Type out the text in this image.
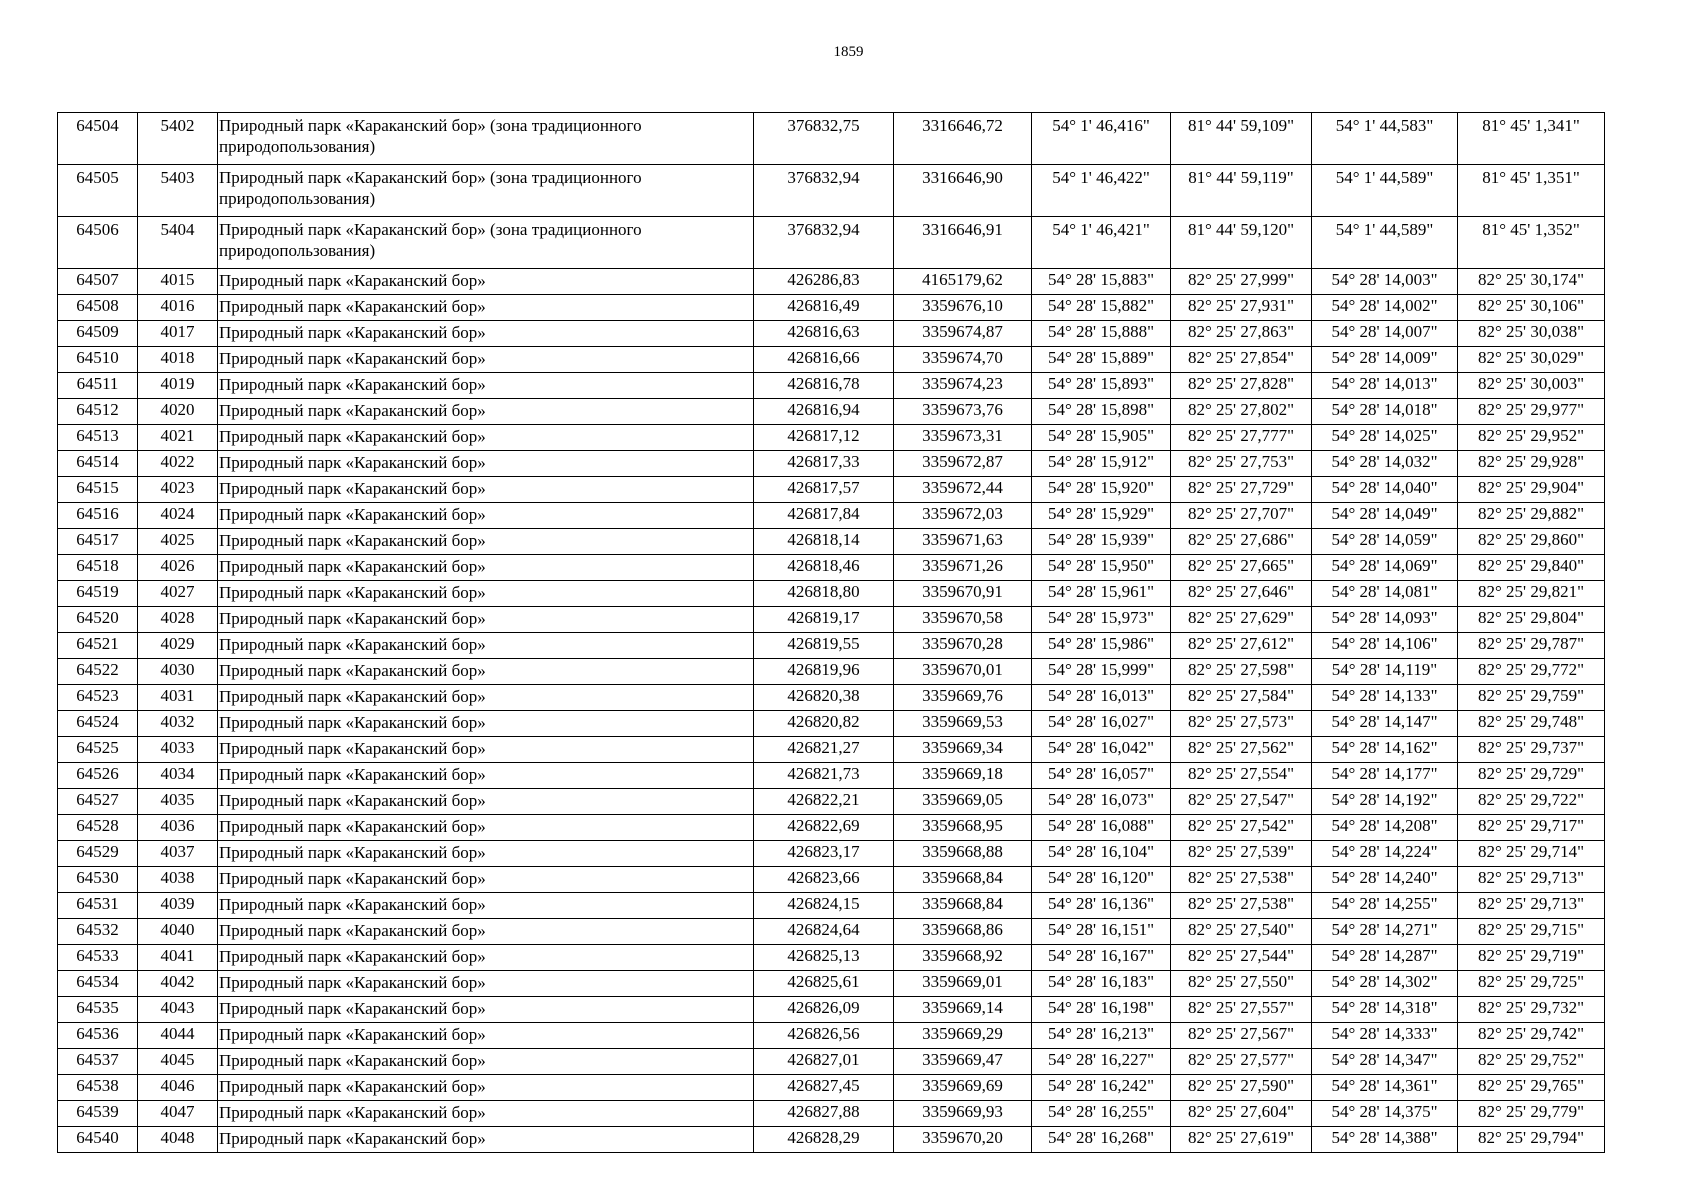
1859
64504	5402	Природный парк «Караканский бор» (зона традиционного природопользования)	376832,75	3316646,72	54° 1' 46,416"	81° 44' 59,109"	54° 1' 44,583"	81° 45' 1,341"
64505	5403	Природный парк «Караканский бор» (зона традиционного природопользования)	376832,94	3316646,90	54° 1' 46,422"	81° 44' 59,119"	54° 1' 44,589"	81° 45' 1,351"
64506	5404	Природный парк «Караканский бор» (зона традиционного природопользования)	376832,94	3316646,91	54° 1' 46,421"	81° 44' 59,120"	54° 1' 44,589"	81° 45' 1,352"
64507	4015	Природный парк «Караканский бор»	426286,83	4165179,62	54° 28' 15,883"	82° 25' 27,999"	54° 28' 14,003"	82° 25' 30,174"
64508	4016	Природный парк «Караканский бор»	426816,49	3359676,10	54° 28' 15,882"	82° 25' 27,931"	54° 28' 14,002"	82° 25' 30,106"
64509	4017	Природный парк «Караканский бор»	426816,63	3359674,87	54° 28' 15,888"	82° 25' 27,863"	54° 28' 14,007"	82° 25' 30,038"
64510	4018	Природный парк «Караканский бор»	426816,66	3359674,70	54° 28' 15,889"	82° 25' 27,854"	54° 28' 14,009"	82° 25' 30,029"
64511	4019	Природный парк «Караканский бор»	426816,78	3359674,23	54° 28' 15,893"	82° 25' 27,828"	54° 28' 14,013"	82° 25' 30,003"
64512	4020	Природный парк «Караканский бор»	426816,94	3359673,76	54° 28' 15,898"	82° 25' 27,802"	54° 28' 14,018"	82° 25' 29,977"
64513	4021	Природный парк «Караканский бор»	426817,12	3359673,31	54° 28' 15,905"	82° 25' 27,777"	54° 28' 14,025"	82° 25' 29,952"
64514	4022	Природный парк «Караканский бор»	426817,33	3359672,87	54° 28' 15,912"	82° 25' 27,753"	54° 28' 14,032"	82° 25' 29,928"
64515	4023	Природный парк «Караканский бор»	426817,57	3359672,44	54° 28' 15,920"	82° 25' 27,729"	54° 28' 14,040"	82° 25' 29,904"
64516	4024	Природный парк «Караканский бор»	426817,84	3359672,03	54° 28' 15,929"	82° 25' 27,707"	54° 28' 14,049"	82° 25' 29,882"
64517	4025	Природный парк «Караканский бор»	426818,14	3359671,63	54° 28' 15,939"	82° 25' 27,686"	54° 28' 14,059"	82° 25' 29,860"
64518	4026	Природный парк «Караканский бор»	426818,46	3359671,26	54° 28' 15,950"	82° 25' 27,665"	54° 28' 14,069"	82° 25' 29,840"
64519	4027	Природный парк «Караканский бор»	426818,80	3359670,91	54° 28' 15,961"	82° 25' 27,646"	54° 28' 14,081"	82° 25' 29,821"
64520	4028	Природный парк «Караканский бор»	426819,17	3359670,58	54° 28' 15,973"	82° 25' 27,629"	54° 28' 14,093"	82° 25' 29,804"
64521	4029	Природный парк «Караканский бор»	426819,55	3359670,28	54° 28' 15,986"	82° 25' 27,612"	54° 28' 14,106"	82° 25' 29,787"
64522	4030	Природный парк «Караканский бор»	426819,96	3359670,01	54° 28' 15,999"	82° 25' 27,598"	54° 28' 14,119"	82° 25' 29,772"
64523	4031	Природный парк «Караканский бор»	426820,38	3359669,76	54° 28' 16,013"	82° 25' 27,584"	54° 28' 14,133"	82° 25' 29,759"
64524	4032	Природный парк «Караканский бор»	426820,82	3359669,53	54° 28' 16,027"	82° 25' 27,573"	54° 28' 14,147"	82° 25' 29,748"
64525	4033	Природный парк «Караканский бор»	426821,27	3359669,34	54° 28' 16,042"	82° 25' 27,562"	54° 28' 14,162"	82° 25' 29,737"
64526	4034	Природный парк «Караканский бор»	426821,73	3359669,18	54° 28' 16,057"	82° 25' 27,554"	54° 28' 14,177"	82° 25' 29,729"
64527	4035	Природный парк «Караканский бор»	426822,21	3359669,05	54° 28' 16,073"	82° 25' 27,547"	54° 28' 14,192"	82° 25' 29,722"
64528	4036	Природный парк «Караканский бор»	426822,69	3359668,95	54° 28' 16,088"	82° 25' 27,542"	54° 28' 14,208"	82° 25' 29,717"
64529	4037	Природный парк «Караканский бор»	426823,17	3359668,88	54° 28' 16,104"	82° 25' 27,539"	54° 28' 14,224"	82° 25' 29,714"
64530	4038	Природный парк «Караканский бор»	426823,66	3359668,84	54° 28' 16,120"	82° 25' 27,538"	54° 28' 14,240"	82° 25' 29,713"
64531	4039	Природный парк «Караканский бор»	426824,15	3359668,84	54° 28' 16,136"	82° 25' 27,538"	54° 28' 14,255"	82° 25' 29,713"
64532	4040	Природный парк «Караканский бор»	426824,64	3359668,86	54° 28' 16,151"	82° 25' 27,540"	54° 28' 14,271"	82° 25' 29,715"
64533	4041	Природный парк «Караканский бор»	426825,13	3359668,92	54° 28' 16,167"	82° 25' 27,544"	54° 28' 14,287"	82° 25' 29,719"
64534	4042	Природный парк «Караканский бор»	426825,61	3359669,01	54° 28' 16,183"	82° 25' 27,550"	54° 28' 14,302"	82° 25' 29,725"
64535	4043	Природный парк «Караканский бор»	426826,09	3359669,14	54° 28' 16,198"	82° 25' 27,557"	54° 28' 14,318"	82° 25' 29,732"
64536	4044	Природный парк «Караканский бор»	426826,56	3359669,29	54° 28' 16,213"	82° 25' 27,567"	54° 28' 14,333"	82° 25' 29,742"
64537	4045	Природный парк «Караканский бор»	426827,01	3359669,47	54° 28' 16,227"	82° 25' 27,577"	54° 28' 14,347"	82° 25' 29,752"
64538	4046	Природный парк «Караканский бор»	426827,45	3359669,69	54° 28' 16,242"	82° 25' 27,590"	54° 28' 14,361"	82° 25' 29,765"
64539	4047	Природный парк «Караканский бор»	426827,88	3359669,93	54° 28' 16,255"	82° 25' 27,604"	54° 28' 14,375"	82° 25' 29,779"
64540	4048	Природный парк «Караканский бор»	426828,29	3359670,20	54° 28' 16,268"	82° 25' 27,619"	54° 28' 14,388"	82° 25' 29,794"
